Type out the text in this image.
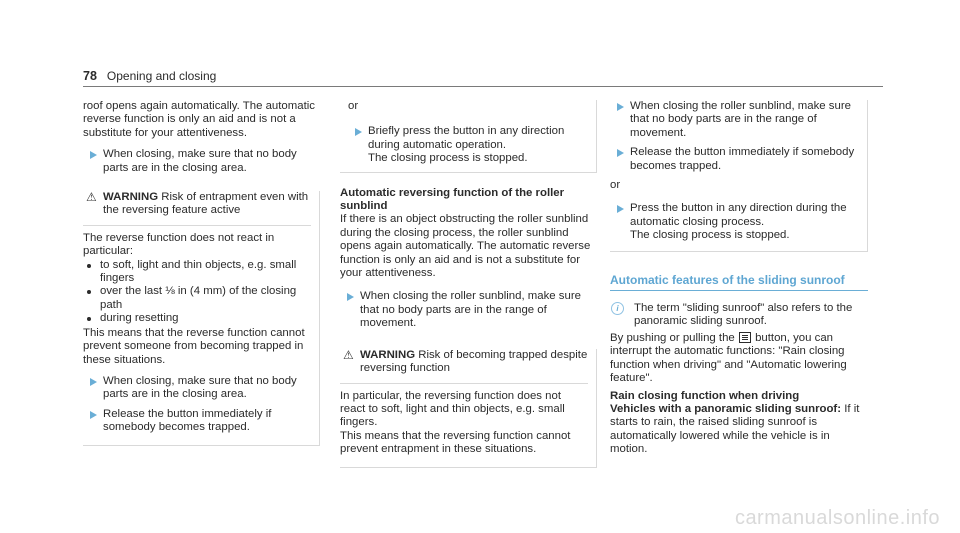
78 Opening and closing

roof opens again automatically. The automatic reverse function is only an aid and is not a substitute for your attentiveness.

When closing, make sure that no body parts are in the closing area.
⚠ WARNING Risk of entrapment even with the reversing feature active

The reverse function does not react in particular:

to soft, light and thin objects, e.g. small fingers
over the last ⅛ in (4 mm) of the closing path
during resetting

This means that the reverse function cannot prevent someone from becoming trapped in these situations.

When closing, make sure that no body parts are in the closing area.
Release the button immediately if somebody becomes trapped.

or

Briefly press the button in any direction during automatic operation.
The closing process is stopped.

Automatic reversing function of the roller sunblind

If there is an object obstructing the roller sunblind during the closing process, the roller sunblind opens again automatically. The automatic reverse function is only an aid and is not a substitute for your attentiveness.

When closing the roller sunblind, make sure that no body parts are in the range of movement.
⚠ WARNING Risk of becoming trapped despite reversing function

In particular, the reversing function does not react to soft, light and thin objects, e.g. small fingers.

This means that the reversing function cannot prevent entrapment in these situations.

When closing the roller sunblind, make sure that no body parts are in the range of movement.
Release the button immediately if somebody becomes trapped.

or

Press the button in any direction during the automatic closing process.
The closing process is stopped.

Automatic features of the sliding sunroof

i	The term "sliding sunroof" also refers to the panoramic sliding sunroof.

By pushing or pulling the button, you can interrupt the automatic functions: "Rain closing function when driving" and "Automatic lowering feature".

Rain closing function when driving

Vehicles with a panoramic sliding sunroof: If it starts to rain, the raised sliding sunroof is automatically lowered while the vehicle is in motion.

carmanualsonline.info
